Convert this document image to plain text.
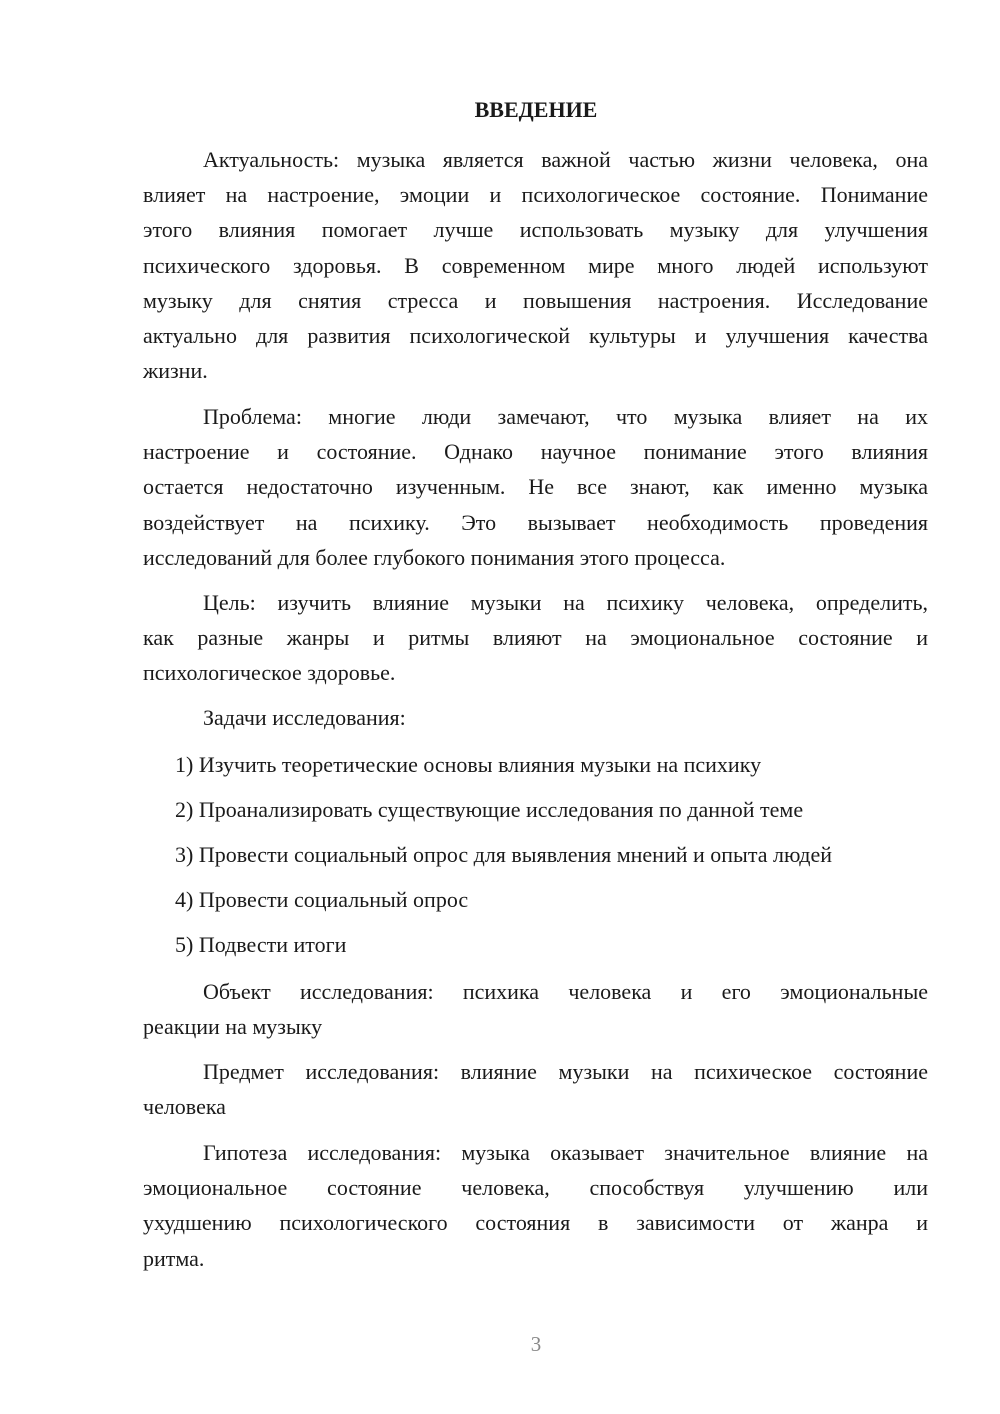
ВВЕДЕНИЕ
Актуальность: музыка является важной частью жизни человека, она
влияет на настроение, эмоции и психологическое состояние. Понимание
этого влияния помогает лучше использовать музыку для улучшения
психического здоровья. В современном мире много людей используют
музыку для снятия стресса и повышения настроения. Исследование
актуально для развития психологической культуры и улучшения качества
жизни.
Проблема: многие люди замечают, что музыка влияет на их
настроение и состояние. Однако научное понимание этого влияния
остается недостаточно изученным. Не все знают, как именно музыка
воздействует на психику. Это вызывает необходимость проведения
исследований для более глубокого понимания этого процесса.
Цель: изучить влияние музыки на психику человека, определить,
как разные жанры и ритмы влияют на эмоциональное состояние и
психологическое здоровье.
Задачи исследования:
1) Изучить теоретические основы влияния музыки на психику
2) Проанализировать существующие исследования по данной теме
3) Провести социальный опрос для выявления мнений и опыта людей
4) Провести социальный опрос
5) Подвести итоги
Объект исследования: психика человека и его эмоциональные
реакции на музыку
Предмет исследования: влияние музыки на психическое состояние
человека
Гипотеза исследования: музыка оказывает значительное влияние на
эмоциональное состояние человека, способствуя улучшению или
ухудшению психологического состояния в зависимости от жанра и
ритма.
3
